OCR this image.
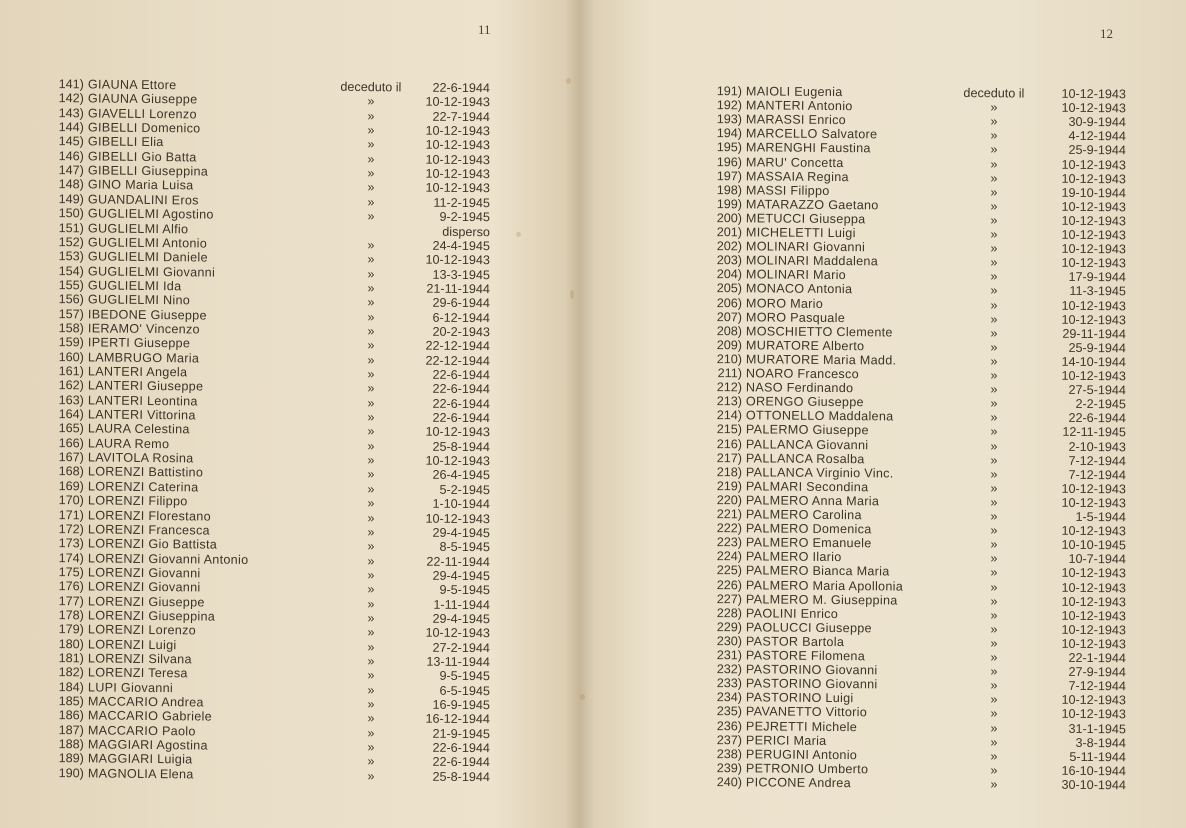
11
141) GIAUNA Ettore	deceduto il	22-6-1944
142) GIAUNA Giuseppe	»	10-12-1943
143) GIAVELLI Lorenzo	»	22-7-1944
144) GIBELLI Domenico	»	10-12-1943
145) GIBELLI Elia	»	10-12-1943
146) GIBELLI Gio Batta	»	10-12-1943
147) GIBELLI Giuseppina	»	10-12-1943
148) GINO Maria Luisa	»	10-12-1943
149) GUANDALINI Eros	»	11-2-1945
150) GUGLIELMI Agostino	»	9-2-1945
151) GUGLIELMI Alfio	disperso
152) GUGLIELMI Antonio	»	24-4-1945
153) GUGLIELMI Daniele	»	10-12-1943
154) GUGLIELMI Giovanni	»	13-3-1945
155) GUGLIELMI Ida	»	21-11-1944
156) GUGLIELMI Nino	»	29-6-1944
157) IBEDONE Giuseppe	»	6-12-1944
158) IERAMO' Vincenzo	»	20-2-1943
159) IPERTI Giuseppe	»	22-12-1944
160) LAMBRUGO Maria	»	22-12-1944
161) LANTERI Angela	»	22-6-1944
162) LANTERI Giuseppe	»	22-6-1944
163) LANTERI Leontina	»	22-6-1944
164) LANTERI Vittorina	»	22-6-1944
165) LAURA Celestina	»	10-12-1943
166) LAURA Remo	»	25-8-1944
167) LAVITOLA Rosina	»	10-12-1943
168) LORENZI Battistino	»	26-4-1945
169) LORENZI Caterina	»	5-2-1945
170) LORENZI Filippo	»	1-10-1944
171) LORENZI Florestano	»	10-12-1943
172) LORENZI Francesca	»	29-4-1945
173) LORENZI Gio Battista	»	8-5-1945
174) LORENZI Giovanni Antonio	»	22-11-1944
175) LORENZI Giovanni	»	29-4-1945
176) LORENZI Giovanni	»	9-5-1945
177) LORENZI Giuseppe	»	1-11-1944
178) LORENZI Giuseppina	»	29-4-1945
179) LORENZI Lorenzo	»	10-12-1943
180) LORENZI Luigi	»	27-2-1944
181) LORENZI Silvana	»	13-11-1944
182) LORENZI Teresa	»	9-5-1945
184) LUPI Giovanni	»	6-5-1945
185) MACCARIO Andrea	»	16-9-1945
186) MACCARIO Gabriele	»	16-12-1944
187) MACCARIO Paolo	»	21-9-1945
188) MAGGIARI Agostina	»	22-6-1944
189) MAGGIARI Luigia	»	22-6-1944
190) MAGNOLIA Elena	»	25-8-1944
12
191) MAIOLI Eugenia	deceduto il	10-12-1943
192) MANTERI Antonio	»	10-12-1943
193) MARASSI Enrico	»	30-9-1944
194) MARCELLO Salvatore	»	4-12-1944
195) MARENGHI Faustina	»	25-9-1944
196) MARU' Concetta	»	10-12-1943
197) MASSAIA Regina	»	10-12-1943
198) MASSI Filippo	»	19-10-1944
199) MATARAZZO Gaetano	»	10-12-1943
200) METUCCI Giuseppa	»	10-12-1943
201) MICHELETTI Luigi	»	10-12-1943
202) MOLINARI Giovanni	»	10-12-1943
203) MOLINARI Maddalena	»	10-12-1943
204) MOLINARI Mario	»	17-9-1944
205) MONACO Antonia	»	11-3-1945
206) MORO Mario	»	10-12-1943
207) MORO Pasquale	»	10-12-1943
208) MOSCHIETTO Clemente	»	29-11-1944
209) MURATORE Alberto	»	25-9-1944
210) MURATORE Maria Madd.	»	14-10-1944
211) NOARO Francesco	»	10-12-1943
212) NASO Ferdinando	»	27-5-1944
213) ORENGO Giuseppe	»	2-2-1945
214) OTTONELLO Maddalena	»	22-6-1944
215) PALERMO Giuseppe	»	12-11-1945
216) PALLANCA Giovanni	»	2-10-1943
217) PALLANCA Rosalba	»	7-12-1944
218) PALLANCA Virginio Vinc.	»	7-12-1944
219) PALMARI Secondina	»	10-12-1943
220) PALMERO Anna Maria	»	10-12-1943
221) PALMERO Carolina	»	1-5-1944
222) PALMERO Domenica	»	10-12-1943
223) PALMERO Emanuele	»	10-10-1945
224) PALMERO Ilario	»	10-7-1944
225) PALMERO Bianca Maria	»	10-12-1943
226) PALMERO Maria Apollonia	»	10-12-1943
227) PALMERO M. Giuseppina	»	10-12-1943
228) PAOLINI Enrico	»	10-12-1943
229) PAOLUCCI Giuseppe	»	10-12-1943
230) PASTOR Bartola	»	10-12-1943
231) PASTORE Filomena	»	22-1-1944
232) PASTORINO Giovanni	»	27-9-1944
233) PASTORINO Giovanni	»	7-12-1944
234) PASTORINO Luigi	»	10-12-1943
235) PAVANETTO Vittorio	»	10-12-1943
236) PEJRETTI Michele	»	31-1-1945
237) PERICI Maria	»	3-8-1944
238) PERUGINI Antonio	»	5-11-1944
239) PETRONIO Umberto	»	16-10-1944
240) PICCONE Andrea	»	30-10-1944
